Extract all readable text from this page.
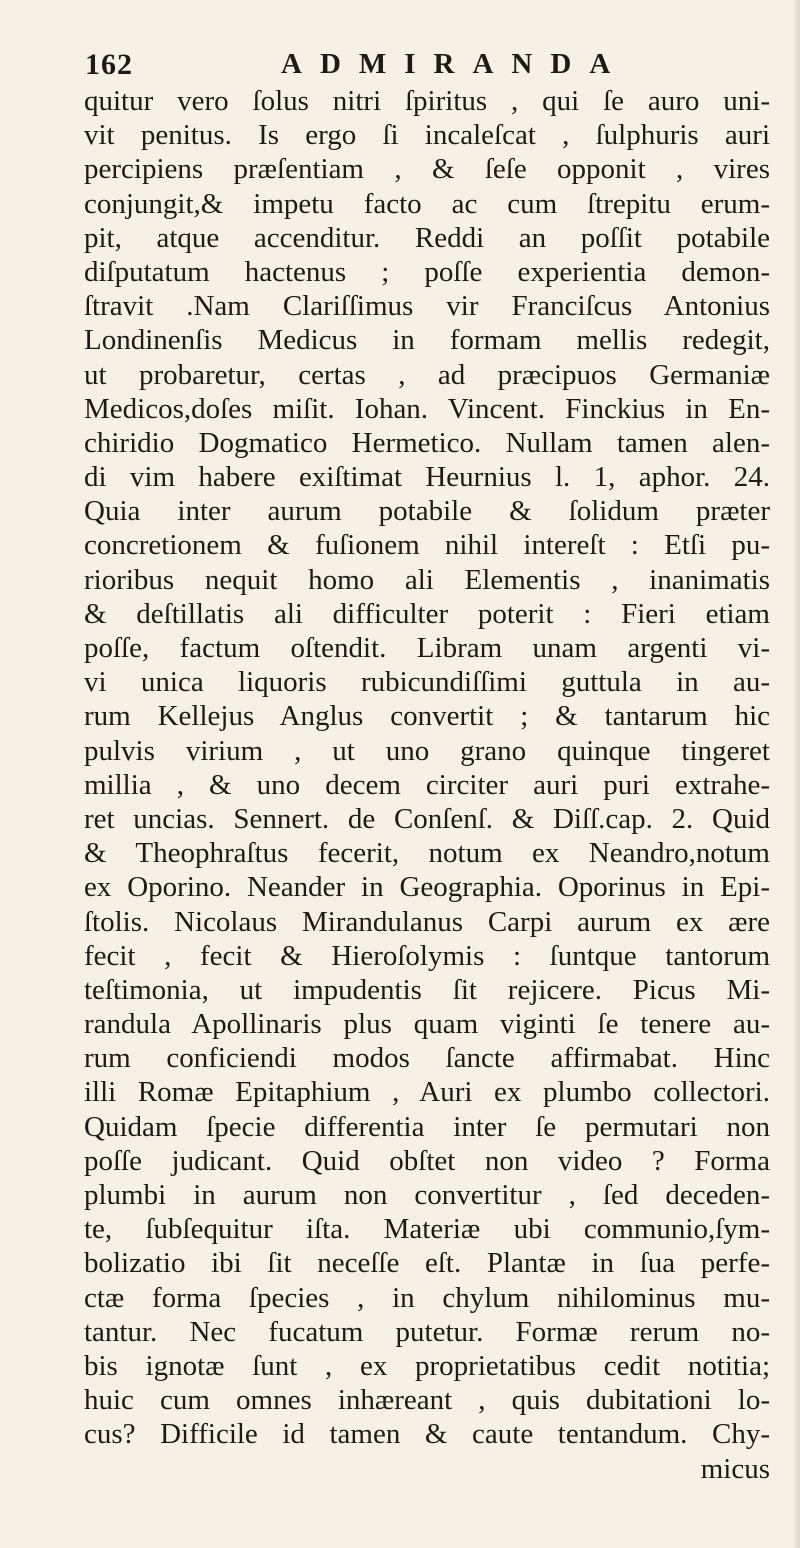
162	ADMIRANDA
quitur vero ſolus nitri ſpiritus , qui ſe auro uni-
vit penitus. Is ergo ſi incaleſcat , ſulphuris auri
percipiens præſentiam , & ſeſe opponit , vires
conjungit,& impetu facto ac cum ſtrepitu erum-
pit, atque accenditur. Reddi an poſſit potabile
diſputatum hactenus ; poſſe experientia demon-
ſtravit .Nam Clariſſimus vir Franciſcus Antonius
Londinenſis Medicus in formam mellis redegit,
ut probaretur, certas , ad præcipuos Germaniæ
Medicos,doſes miſit. Iohan. Vincent. Finckius in En-
chiridio Dogmatico Hermetico. Nullam tamen alen-
di vim habere exiſtimat Heurnius l. 1, aphor. 24.
Quia inter aurum potabile & ſolidum præter
concretionem & fuſionem nihil intereſt : Etſi pu-
rioribus nequit homo ali Elementis , inanimatis
& deſtillatis ali difficulter poterit : Fieri etiam
poſſe, factum oſtendit. Libram unam argenti vi-
vi unica liquoris rubicundiſſimi guttula in au-
rum Kellejus Anglus convertit ; & tantarum hic
pulvis virium , ut uno grano quinque tingeret
millia , & uno decem circiter auri puri extrahe-
ret uncias. Sennert. de Conſenſ. & Diſſ.cap. 2. Quid
& Theophraſtus fecerit, notum ex Neandro,notum
ex Oporino. Neander in Geographia. Oporinus in Epi-
ſtolis. Nicolaus Mirandulanus Carpi aurum ex ære
fecit , fecit & Hieroſolymis : ſuntque tantorum
teſtimonia, ut impudentis ſit rejicere. Picus Mi-
randula Apollinaris plus quam viginti ſe tenere au-
rum conficiendi modos ſancte affirmabat. Hinc
illi Romæ Epitaphium , Auri ex plumbo collectori.
Quidam ſpecie differentia inter ſe permutari non
poſſe judicant. Quid obſtet non video ? Forma
plumbi in aurum non convertitur , ſed deceden-
te, ſubſequitur iſta. Materiæ ubi communio,ſym-
bolizatio ibi ſit neceſſe eſt. Plantæ in ſua perfe-
ctæ forma ſpecies , in chylum nihilominus mu-
tantur. Nec fucatum putetur. Formæ rerum no-
bis ignotæ ſunt , ex proprietatibus cedit notitia;
huic cum omnes inhæreant , quis dubitationi lo-
cus? Difficile id tamen & caute tentandum. Chy-
micus
